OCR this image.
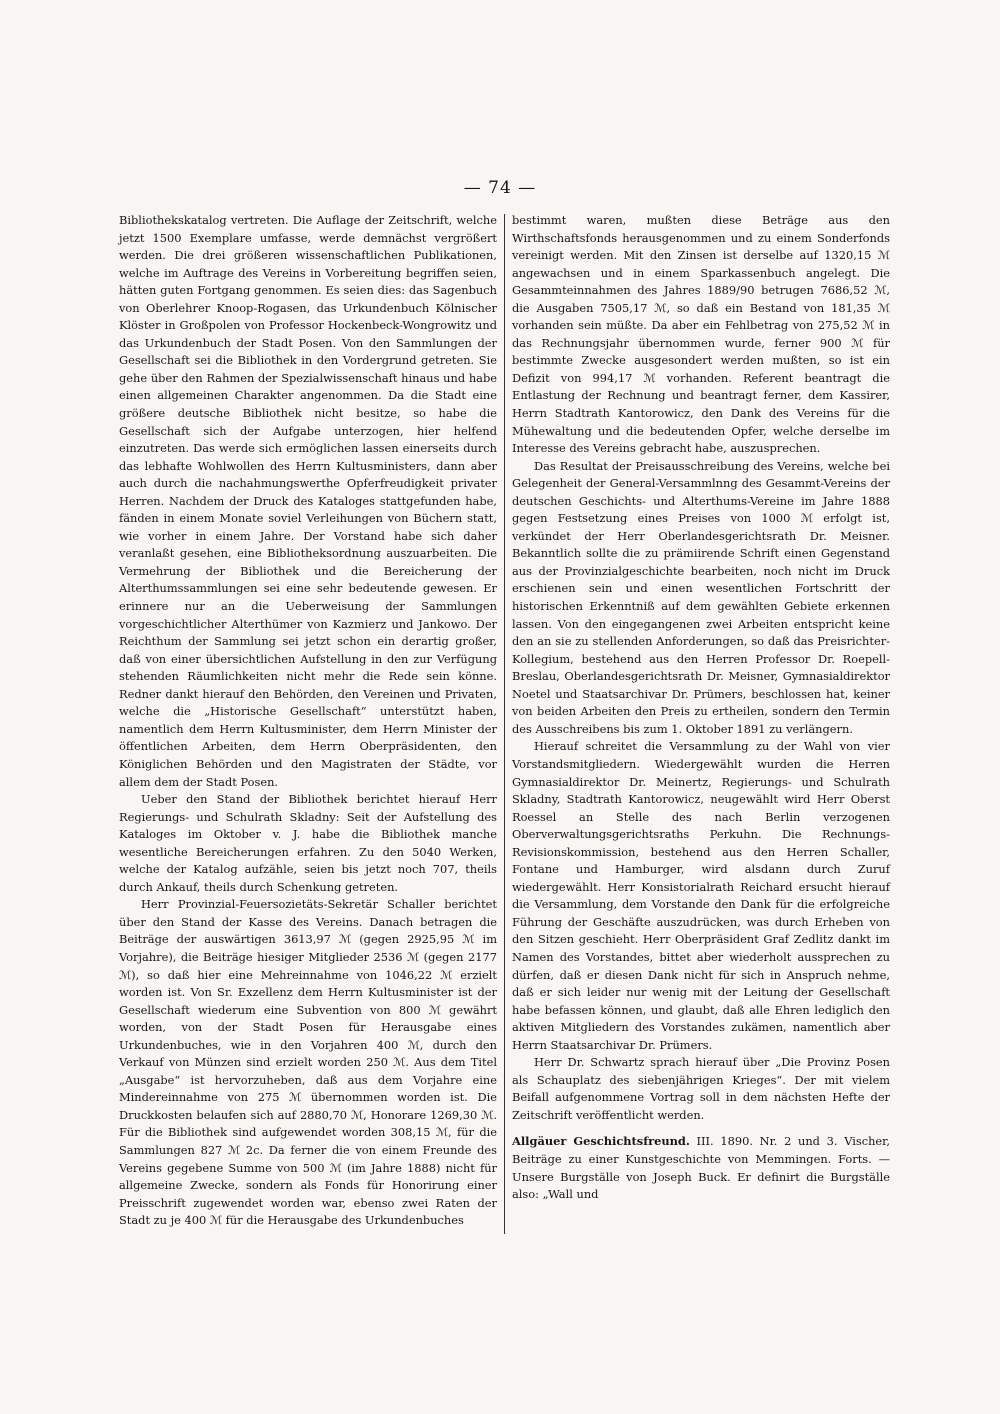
— 74 —

Bibliothekskatalog vertreten. Die Auflage der Zeitschrift, welche jetzt 1500 Exemplare umfasse, werde demnächst vergrößert werden. Die drei größeren wissenschaftlichen Publikationen, welche im Auftrage des Vereins in Vorbereitung begriffen seien, hätten guten Fortgang genommen. Es seien dies: das Sagenbuch von Oberlehrer Knoop-Rogasen, das Urkundenbuch Kölnischer Klöster in Großpolen von Professor Hockenbeck-Wongrowitz und das Urkundenbuch der Stadt Posen. Von den Sammlungen der Gesellschaft sei die Bibliothek in den Vordergrund getreten. Sie gehe über den Rahmen der Spezialwissenschaft hinaus und habe einen allgemeinen Charakter angenommen. Da die Stadt eine größere deutsche Bibliothek nicht besitze, so habe die Gesellschaft sich der Aufgabe unterzogen, hier helfend einzutreten. Das werde sich ermöglichen lassen einerseits durch das lebhafte Wohlwollen des Herrn Kultusministers, dann aber auch durch die nachahmungswerthe Opferfreudigkeit privater Herren. Nachdem der Druck des Kataloges stattgefunden habe, fänden in einem Monate soviel Verleihungen von Büchern statt, wie vorher in einem Jahre. Der Vorstand habe sich daher veranlaßt gesehen, eine Bibliotheksordnung auszuarbeiten. Die Vermehrung der Bibliothek und die Bereicherung der Alterthumssammlungen sei eine sehr bedeutende gewesen. Er erinnere nur an die Ueberweisung der Sammlungen vorgeschichtlicher Alterthümer von Kazmierz und Jankowo. Der Reichthum der Sammlung sei jetzt schon ein derartig großer, daß von einer übersichtlichen Aufstellung in den zur Verfügung stehenden Räumlichkeiten nicht mehr die Rede sein könne. Redner dankt hierauf den Behörden, den Vereinen und Privaten, welche die „Historische Gesellschaft“ unterstützt haben, namentlich dem Herrn Kultusminister, dem Herrn Minister der öffentlichen Arbeiten, dem Herrn Oberpräsidenten, den Königlichen Behörden und den Magistraten der Städte, vor allem dem der Stadt Posen.

Ueber den Stand der Bibliothek berichtet hierauf Herr Regierungs- und Schulrath Skladny: Seit der Aufstellung des Kataloges im Oktober v. J. habe die Bibliothek manche wesentliche Bereicherungen erfahren. Zu den 5040 Werken, welche der Katalog aufzähle, seien bis jetzt noch 707, theils durch Ankauf, theils durch Schenkung getreten.

Herr Provinzial-Feuersozietäts-Sekretär Schaller berichtet über den Stand der Kasse des Vereins. Danach betragen die Beiträge der auswärtigen 3613,97 ℳ (gegen 2925,95 ℳ im Vorjahre), die Beiträge hiesiger Mitglieder 2536 ℳ (gegen 2177 ℳ), so daß hier eine Mehreinnahme von 1046,22 ℳ erzielt worden ist. Von Sr. Exzellenz dem Herrn Kultusminister ist der Gesellschaft wiederum eine Subvention von 800 ℳ gewährt worden, von der Stadt Posen für Herausgabe eines Urkundenbuches, wie in den Vorjahren 400 ℳ, durch den Verkauf von Münzen sind erzielt worden 250 ℳ. Aus dem Titel „Ausgabe“ ist hervorzuheben, daß aus dem Vorjahre eine Mindereinnahme von 275 ℳ übernommen worden ist. Die Druckkosten belaufen sich auf 2880,70 ℳ, Honorare 1269,30 ℳ. Für die Bibliothek sind aufgewendet worden 308,15 ℳ, für die Sammlungen 827 ℳ 2c. Da ferner die von einem Freunde des Vereins gegebene Summe von 500 ℳ (im Jahre 1888) nicht für allgemeine Zwecke, sondern als Fonds für Honorirung einer Preisschrift zugewendet worden war, ebenso zwei Raten der Stadt zu je 400 ℳ für die Herausgabe des Urkundenbuches

bestimmt waren, mußten diese Beträge aus den Wirthschaftsfonds herausgenommen und zu einem Sonderfonds vereinigt werden. Mit den Zinsen ist derselbe auf 1320,15 ℳ angewachsen und in einem Sparkassenbuch angelegt. Die Gesammteinnahmen des Jahres 1889/90 betrugen 7686,52 ℳ, die Ausgaben 7505,17 ℳ, so daß ein Bestand von 181,35 ℳ vorhanden sein müßte. Da aber ein Fehlbetrag von 275,52 ℳ in das Rechnungsjahr übernommen wurde, ferner 900 ℳ für bestimmte Zwecke ausgesondert werden mußten, so ist ein Defizit von 994,17 ℳ vorhanden. Referent beantragt die Entlastung der Rechnung und beantragt ferner, dem Kassirer, Herrn Stadtrath Kantorowicz, den Dank des Vereins für die Mühewaltung und die bedeutenden Opfer, welche derselbe im Interesse des Vereins gebracht habe, auszusprechen.

Das Resultat der Preisausschreibung des Vereins, welche bei Gelegenheit der General-Versammlnng des Gesammt-Vereins der deutschen Geschichts- und Alterthums-Vereine im Jahre 1888 gegen Festsetzung eines Preises von 1000 ℳ erfolgt ist, verkündet der Herr Oberlandesgerichtsrath Dr. Meisner. Bekanntlich sollte die zu prämiirende Schrift einen Gegenstand aus der Provinzialgeschichte bearbeiten, noch nicht im Druck erschienen sein und einen wesentlichen Fortschritt der historischen Erkenntniß auf dem gewählten Gebiete erkennen lassen. Von den eingegangenen zwei Arbeiten entspricht keine den an sie zu stellenden Anforderungen, so daß das Preisrichter-Kollegium, bestehend aus den Herren Professor Dr. Roepell-Breslau, Oberlandesgerichtsrath Dr. Meisner, Gymnasialdirektor Noetel und Staatsarchivar Dr. Prümers, beschlossen hat, keiner von beiden Arbeiten den Preis zu ertheilen, sondern den Termin des Ausschreibens bis zum 1. Oktober 1891 zu verlängern.

Hierauf schreitet die Versammlung zu der Wahl von vier Vorstandsmitgliedern. Wiedergewählt wurden die Herren Gymnasialdirektor Dr. Meinertz, Regierungs- und Schulrath Skladny, Stadtrath Kantorowicz, neugewählt wird Herr Oberst Roessel an Stelle des nach Berlin verzogenen Oberverwaltungsgerichtsraths Perkuhn. Die Rechnungs-Revisionskommission, bestehend aus den Herren Schaller, Fontane und Hamburger, wird alsdann durch Zuruf wiedergewählt. Herr Konsistorialrath Reichard ersucht hierauf die Versammlung, dem Vorstande den Dank für die erfolgreiche Führung der Geschäfte auszudrücken, was durch Erheben von den Sitzen geschieht. Herr Oberpräsident Graf Zedlitz dankt im Namen des Vorstandes, bittet aber wiederholt aussprechen zu dürfen, daß er diesen Dank nicht für sich in Anspruch nehme, daß er sich leider nur wenig mit der Leitung der Gesellschaft habe befassen können, und glaubt, daß alle Ehren lediglich den aktiven Mitgliedern des Vorstandes zukämen, namentlich aber Herrn Staatsarchivar Dr. Prümers.

Herr Dr. Schwartz sprach hierauf über „Die Provinz Posen als Schauplatz des siebenjährigen Krieges“. Der mit vielem Beifall aufgenommene Vortrag soll in dem nächsten Hefte der Zeitschrift veröffentlicht werden.

Allgäuer Geschichtsfreund. III. 1890. Nr. 2 und 3. Vischer, Beiträge zu einer Kunstgeschichte von Memmingen. Forts. — Unsere Burgställe von Joseph Buck. Er definirt die Burgställe also: „Wall und
